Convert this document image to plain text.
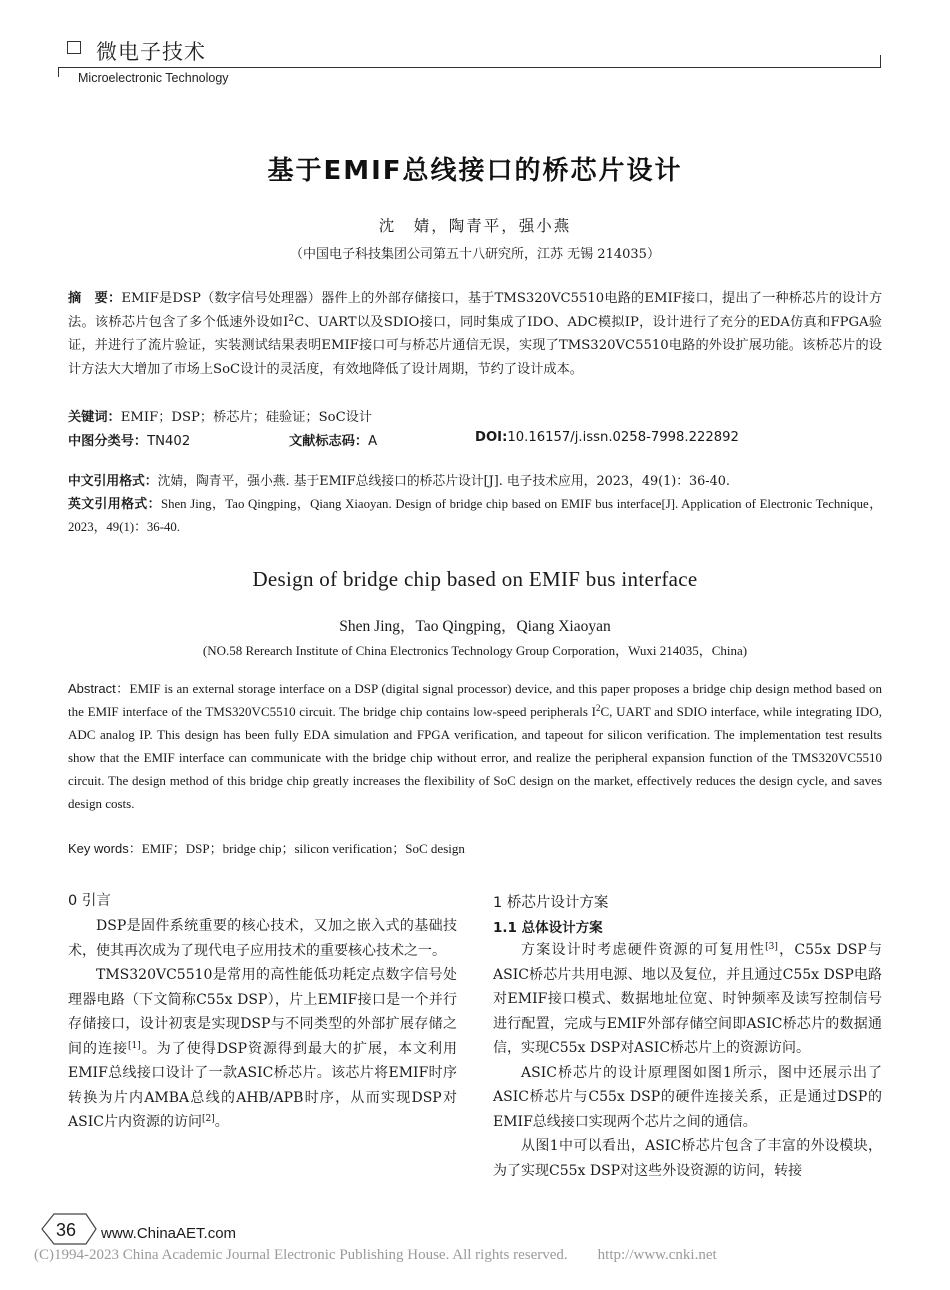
微电子技术
Microelectronic Technology
基于EMIF总线接口的桥芯片设计
沈　婧，陶青平，强小燕
（中国电子科技集团公司第五十八研究所，江苏 无锡 214035）
摘　要：EMIF是DSP（数字信号处理器）器件上的外部存储接口，基于TMS320VC5510电路的EMIF接口，提出了一种桥芯片的设计方法。该桥芯片包含了多个低速外设如$I^2C$、UART以及SDIO接口，同时集成了IDO、ADC模拟IP，设计进行了充分的EDA仿真和FPGA验证，并进行了流片验证，实装测试结果表明EMIF接口可与桥芯片通信无误，实现了TMS320VC5510电路的外设扩展功能。该桥芯片的设计方法大大增加了市场上SoC设计的灵活度，有效地降低了设计周期，节约了设计成本。
关键词：EMIF；DSP；桥芯片；硅验证；SoC设计
中图分类号：TN402	文献标志码：A	DOI:10.16157/j.issn.0258-7998.222892
中文引用格式：沈婧，陶青平，强小燕. 基于EMIF总线接口的桥芯片设计[J]. 电子技术应用，2023，49(1)：36-40.
英文引用格式：Shen Jing，Tao Qingping，Qiang Xiaoyan. Design of bridge chip based on EMIF bus interface[J]. Application of Electronic Technique，2023，49(1)：36-40.
Design of bridge chip based on EMIF bus interface
Shen Jing，Tao Qingping，Qiang Xiaoyan
(NO.58 Rerearch Institute of China Electronics Technology Group Corporation，Wuxi 214035，China)
Abstract：EMIF is an external storage interface on a DSP (digital signal processor) device, and this paper proposes a bridge chip design method based on the EMIF interface of the TMS320VC5510 circuit. The bridge chip contains low-speed peripherals $I^2C$, UART and SDIO interface, while integrating IDO, ADC analog IP. This design has been fully EDA simulation and FPGA verification, and tapeout for silicon verification. The implementation test results show that the EMIF interface can communicate with the bridge chip without error, and realize the peripheral expansion function of the TMS320VC5510 circuit. The design method of this bridge chip greatly increases the flexibility of SoC design on the market, effectively reduces the design cycle, and saves design costs.
Key words：EMIF；DSP；bridge chip；silicon verification；SoC design
0 引言

DSP是固件系统重要的核心技术，又加之嵌入式的基础技术，使其再次成为了现代电子应用技术的重要核心技术之一。

TMS320VC5510是常用的高性能低功耗定点数字信号处理器电路（下文简称C55x DSP），片上EMIF接口是一个并行存储接口，设计初衷是实现DSP与不同类型的外部扩展存储之间的连接[1]。为了使得DSP资源得到最大的扩展，本文利用EMIF总线接口设计了一款ASIC桥芯片。该芯片将EMIF时序转换为片内AMBA总线的AHB/APB时序，从而实现DSP对ASIC片内资源的访问[2]。

1 桥芯片设计方案
1.1 总体设计方案

方案设计时考虑硬件资源的可复用性[3]，C55x DSP与ASIC桥芯片共用电源、地以及复位，并且通过C55x DSP电路对EMIF接口模式、数据地址位宽、时钟频率及读写控制信号进行配置，完成与EMIF外部存储空间即ASIC桥芯片的数据通信，实现C55x DSP对ASIC桥芯片上的资源访问。

ASIC桥芯片的设计原理图如图1所示，图中还展示出了ASIC桥芯片与C55x DSP的硬件连接关系，正是通过DSP的EMIF总线接口实现两个芯片之间的通信。

从图1中可以看出，ASIC桥芯片包含了丰富的外设模块，为了实现C55x DSP对这些外设资源的访问，转接

36 www.ChinaAET.com
(C)1994-2023 China Academic Journal Electronic Publishing House. All rights reserved.　　http://www.cnki.net
